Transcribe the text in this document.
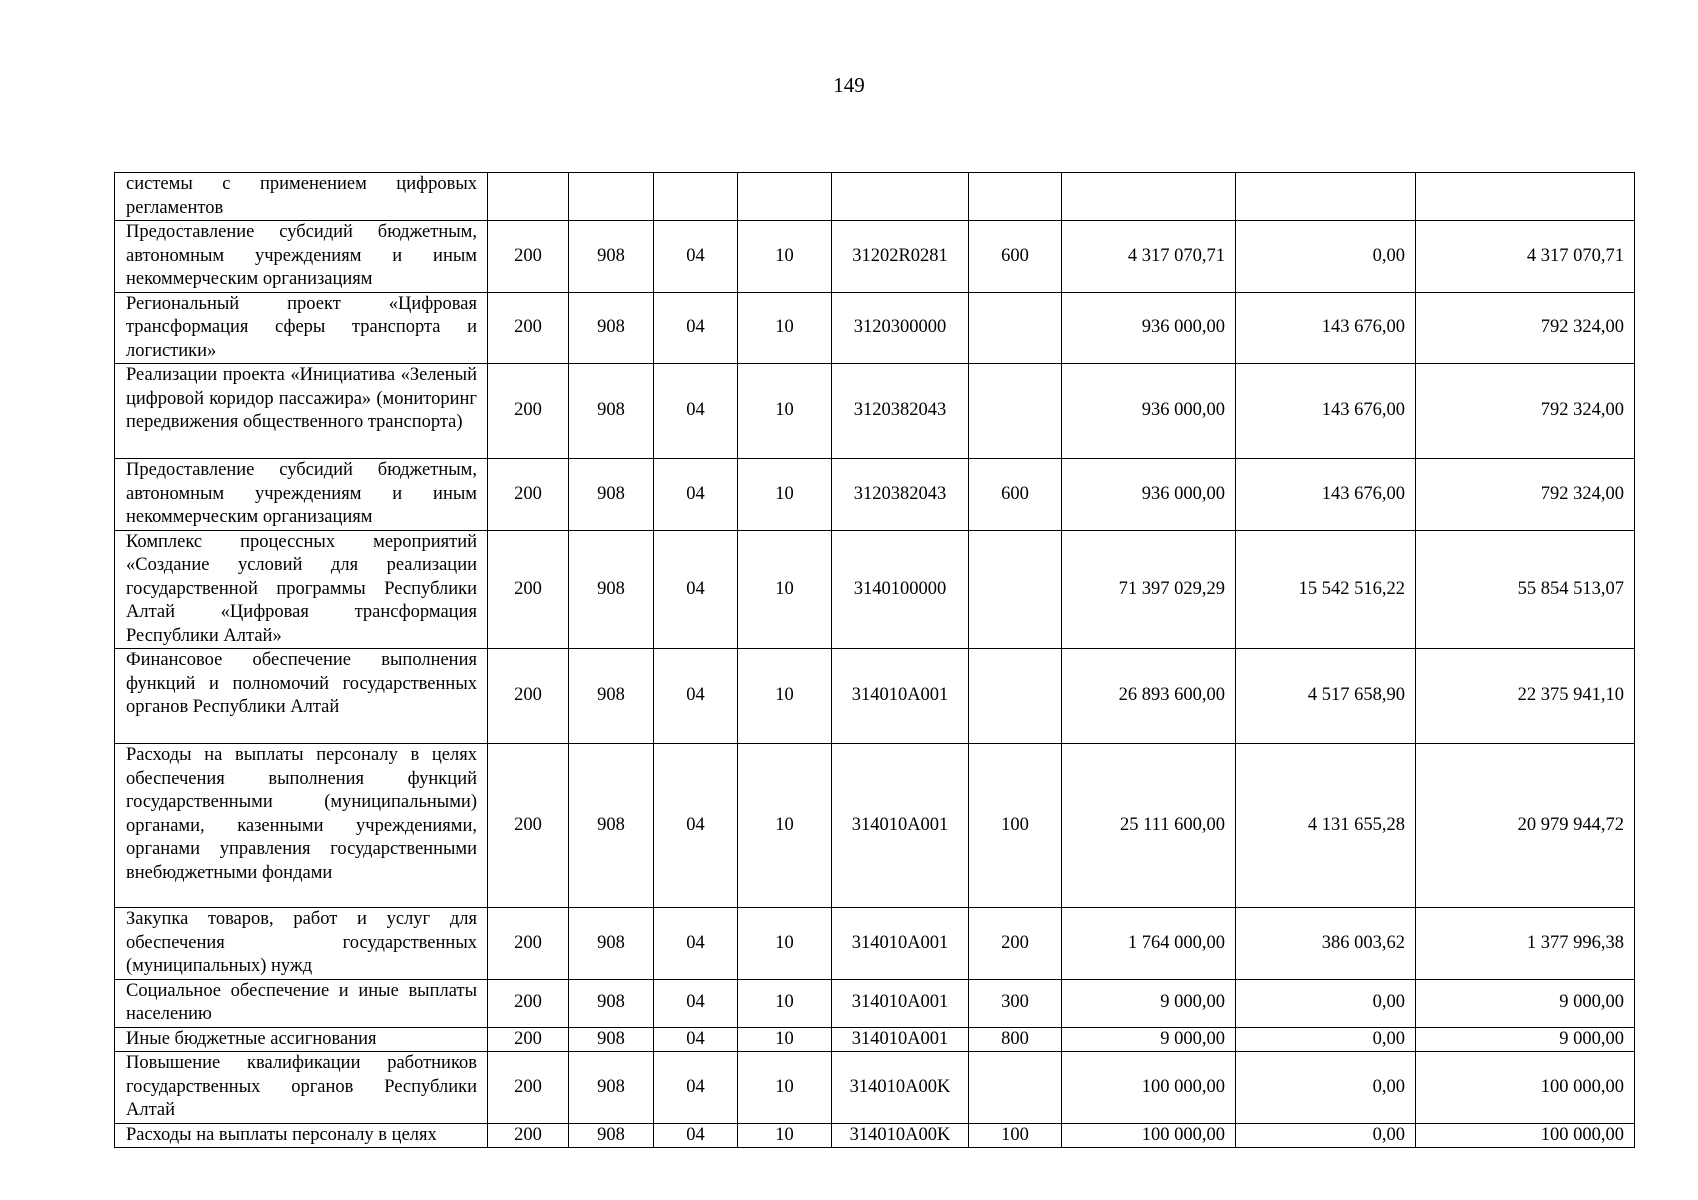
149
системы с применением цифровых регламентов									
Предоставление субсидий бюджетным, автономным учреждениям и иным некоммерческим организациям	200	908	04	10	31202R0281	600	4 317 070,71	0,00	4 317 070,71
Региональный проект «Цифровая трансформация сферы транспорта и логистики»	200	908	04	10	3120300000		936 000,00	143 676,00	792 324,00
Реализации проекта «Инициатива «Зеленый цифровой коридор пассажира» (мониторинг передвижения общественного транспорта)	200	908	04	10	3120382043		936 000,00	143 676,00	792 324,00
Предоставление субсидий бюджетным, автономным учреждениям и иным некоммерческим организациям	200	908	04	10	3120382043	600	936 000,00	143 676,00	792 324,00
Комплекс процессных мероприятий «Создание условий для реализации государственной программы Республики Алтай «Цифровая трансформация Республики Алтай»	200	908	04	10	3140100000		71 397 029,29	15 542 516,22	55 854 513,07
Финансовое обеспечение выполнения функций и полномочий государственных органов Республики Алтай	200	908	04	10	314010A001		26 893 600,00	4 517 658,90	22 375 941,10
Расходы на выплаты персоналу в целях обеспечения выполнения функций государственными (муниципальными) органами, казенными учреждениями, органами управления государственными внебюджетными фондами	200	908	04	10	314010A001	100	25 111 600,00	4 131 655,28	20 979 944,72
Закупка товаров, работ и услуг для обеспечения государственных (муниципальных) нужд	200	908	04	10	314010A001	200	1 764 000,00	386 003,62	1 377 996,38
Социальное обеспечение и иные выплаты населению	200	908	04	10	314010A001	300	9 000,00	0,00	9 000,00
Иные бюджетные ассигнования	200	908	04	10	314010A001	800	9 000,00	0,00	9 000,00
Повышение квалификации работников государственных органов Республики Алтай	200	908	04	10	314010A00K		100 000,00	0,00	100 000,00
Расходы на выплаты персоналу в целях	200	908	04	10	314010A00K	100	100 000,00	0,00	100 000,00
